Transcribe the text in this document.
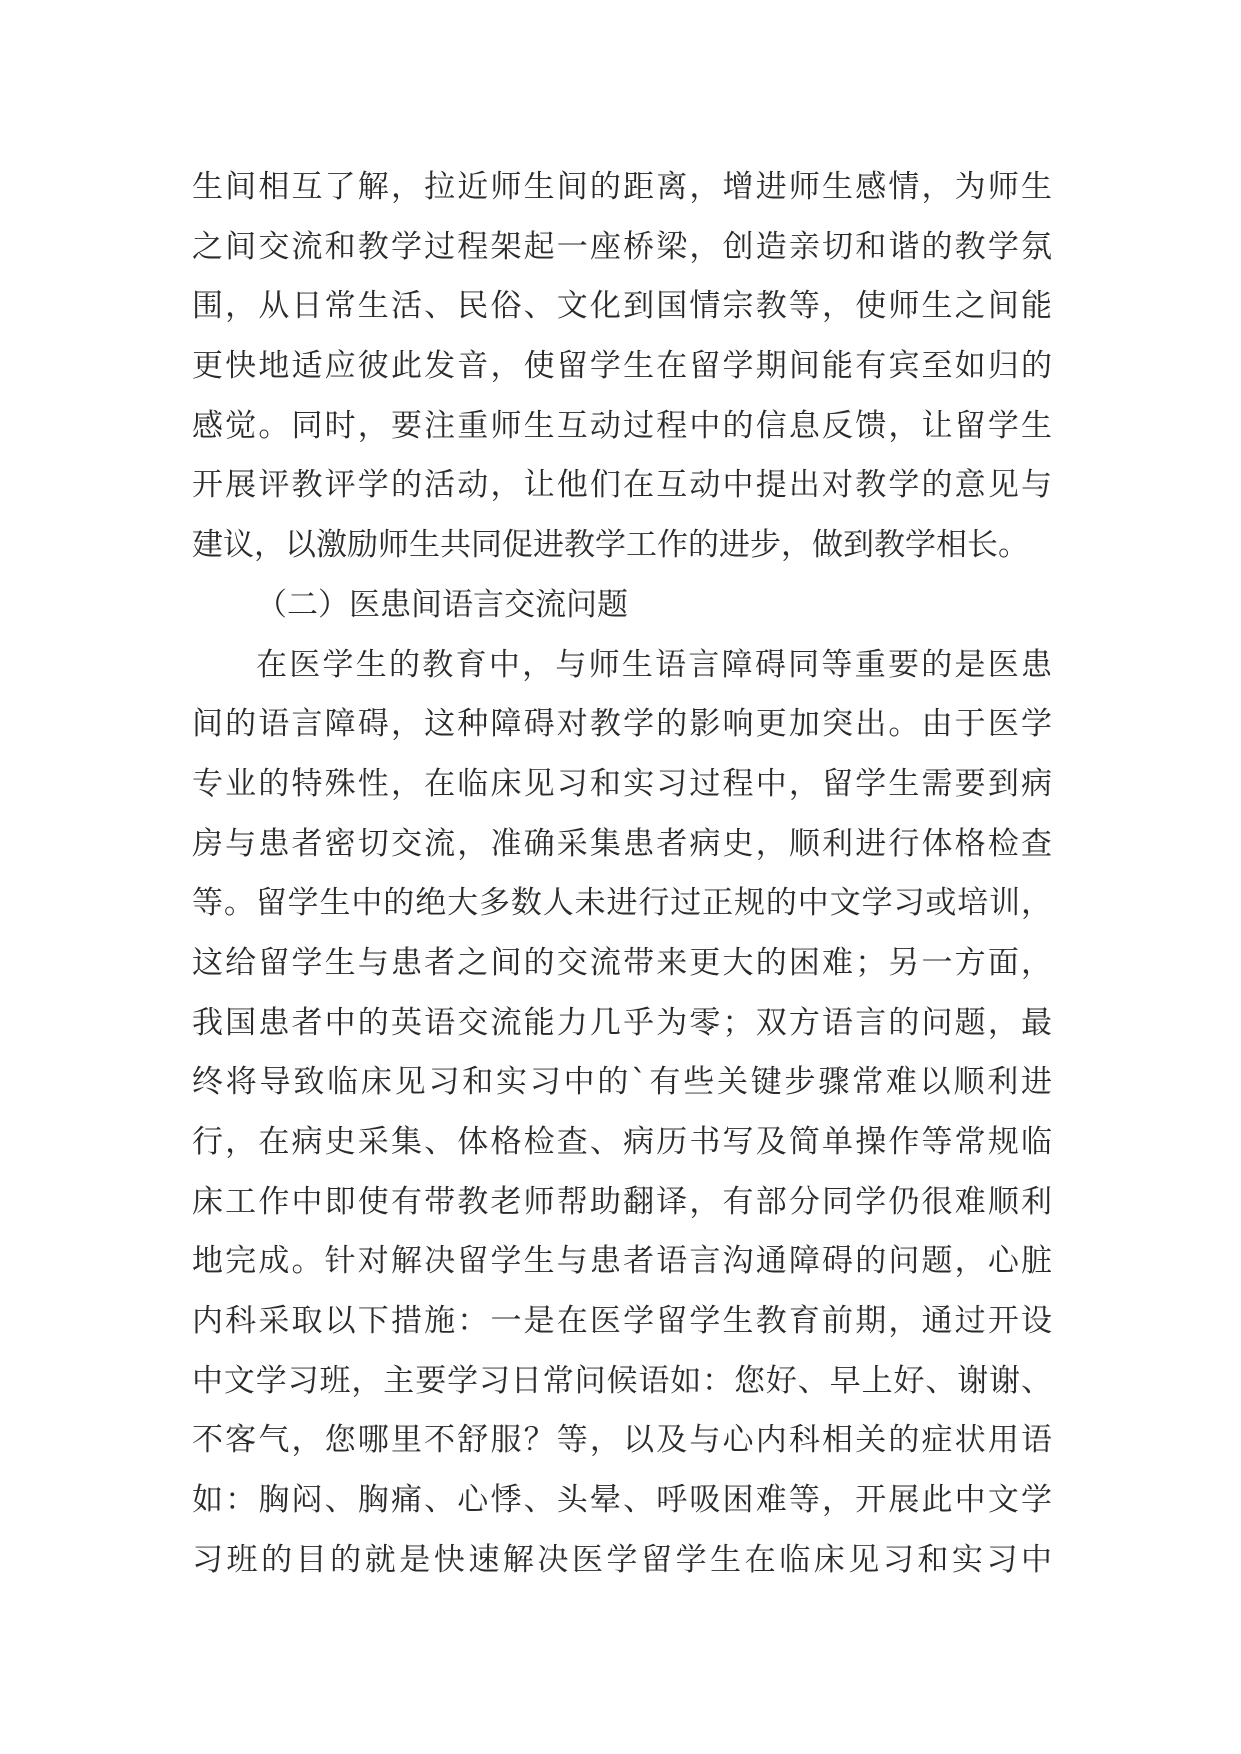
生间相互了解，拉近师生间的距离，增进师生感情，为师生
之间交流和教学过程架起一座桥梁，创造亲切和谐的教学氛
围，从日常生活、民俗、文化到国情宗教等，使师生之间能
更快地适应彼此发音，使留学生在留学期间能有宾至如归的
感觉。同时，要注重师生互动过程中的信息反馈，让留学生
开展评教评学的活动，让他们在互动中提出对教学的意见与
建议，以激励师生共同促进教学工作的进步，做到教学相长。
（二）医患间语言交流问题
在医学生的教育中，与师生语言障碍同等重要的是医患
间的语言障碍，这种障碍对教学的影响更加突出。由于医学
专业的特殊性，在临床见习和实习过程中，留学生需要到病
房与患者密切交流，准确采集患者病史，顺利进行体格检查
等。留学生中的绝大多数人未进行过正规的中文学习或培训，
这给留学生与患者之间的交流带来更大的困难；另一方面，
我国患者中的英语交流能力几乎为零；双方语言的问题，最
终将导致临床见习和实习中的`有些关键步骤常难以顺利进
行，在病史采集、体格检查、病历书写及简单操作等常规临
床工作中即使有带教老师帮助翻译，有部分同学仍很难顺利
地完成。针对解决留学生与患者语言沟通障碍的问题，心脏
内科采取以下措施：一是在医学留学生教育前期，通过开设
中文学习班，主要学习日常问候语如：您好、早上好、谢谢、
不客气，您哪里不舒服？等，以及与心内科相关的症状用语
如：胸闷、胸痛、心悸、头晕、呼吸困难等，开展此中文学
习班的目的就是快速解决医学留学生在临床见习和实习中
